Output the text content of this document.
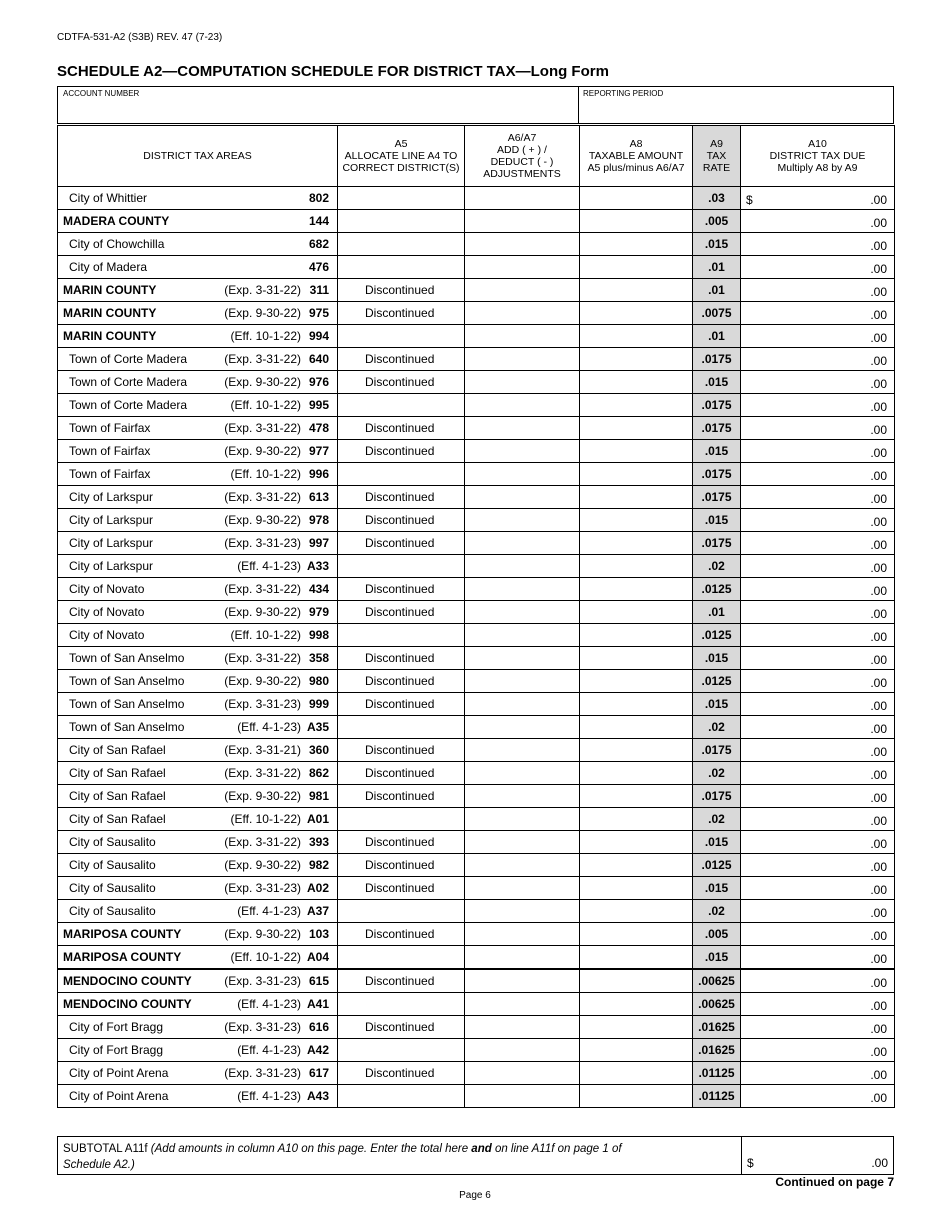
CDTFA-531-A2 (S3B) REV. 47 (7-23)
SCHEDULE A2—COMPUTATION SCHEDULE FOR DISTRICT TAX—Long Form
ACCOUNT NUMBER	REPORTING PERIOD
DISTRICT TAX AREAS	A5
ALLOCATE LINE A4 TO CORRECT DISTRICT(S)	A6/A7
ADD ( + ) /
DEDUCT ( - )
ADJUSTMENTS	A8
TAXABLE AMOUNT
A5 plus/minus A6/A7	A9
TAX
RATE	A10
DISTRICT TAX DUE
Multiply A8 by A9

City of Whittier 802				.03	$ .00

MADERA COUNTY 144				.005	.00

City of Chowchilla 682				.015	.00

City of Madera 476				.01	.00

MARIN COUNTY (Exp. 3-31-22) 311	Discontinued			.01	.00

MARIN COUNTY (Exp. 9-30-22) 975	Discontinued			.0075	.00

MARIN COUNTY (Eff. 10-1-22) 994				.01	.00

Town of Corte Madera (Exp. 3-31-22) 640	Discontinued			.0175	.00

Town of Corte Madera (Exp. 9-30-22) 976	Discontinued			.015	.00

Town of Corte Madera (Eff. 10-1-22) 995				.0175	.00

Town of Fairfax (Exp. 3-31-22) 478	Discontinued			.0175	.00

Town of Fairfax (Exp. 9-30-22) 977	Discontinued			.015	.00

Town of Fairfax (Eff. 10-1-22) 996				.0175	.00

City of Larkspur (Exp. 3-31-22) 613	Discontinued			.0175	.00

City of Larkspur (Exp. 9-30-22) 978	Discontinued			.015	.00

City of Larkspur (Exp. 3-31-23) 997	Discontinued			.0175	.00

City of Larkspur (Eff. 4-1-23) A33				.02	.00

City of Novato (Exp. 3-31-22) 434	Discontinued			.0125	.00

City of Novato (Exp. 9-30-22) 979	Discontinued			.01	.00

City of Novato (Eff. 10-1-22) 998				.0125	.00

Town of San Anselmo (Exp. 3-31-22) 358	Discontinued			.015	.00

Town of San Anselmo (Exp. 9-30-22) 980	Discontinued			.0125	.00

Town of San Anselmo (Exp. 3-31-23) 999	Discontinued			.015	.00

Town of San Anselmo (Eff. 4-1-23) A35				.02	.00

City of San Rafael (Exp. 3-31-21) 360	Discontinued			.0175	.00

City of San Rafael (Exp. 3-31-22) 862	Discontinued			.02	.00

City of San Rafael (Exp. 9-30-22) 981	Discontinued			.0175	.00

City of San Rafael (Eff. 10-1-22) A01				.02	.00

City of Sausalito (Exp. 3-31-22) 393	Discontinued			.015	.00

City of Sausalito (Exp. 9-30-22) 982	Discontinued			.0125	.00

City of Sausalito (Exp. 3-31-23) A02	Discontinued			.015	.00

City of Sausalito (Eff. 4-1-23) A37				.02	.00

MARIPOSA COUNTY (Exp. 9-30-22) 103	Discontinued			.005	.00

MARIPOSA COUNTY (Eff. 10-1-22) A04				.015	.00

MENDOCINO COUNTY (Exp. 3-31-23) 615	Discontinued			.00625	.00

MENDOCINO COUNTY (Eff. 4-1-23) A41				.00625	.00

City of Fort Bragg (Exp. 3-31-23) 616	Discontinued			.01625	.00

City of Fort Bragg (Eff. 4-1-23) A42				.01625	.00

City of Point Arena (Exp. 3-31-23) 617	Discontinued			.01125	.00

City of Point Arena (Eff. 4-1-23) A43				.01125	.00
SUBTOTAL A11f (Add amounts in column A10 on this page. Enter the total here and on line A11f on page 1 of Schedule A2.)	$	.00
Continued on page 7
Page 6
